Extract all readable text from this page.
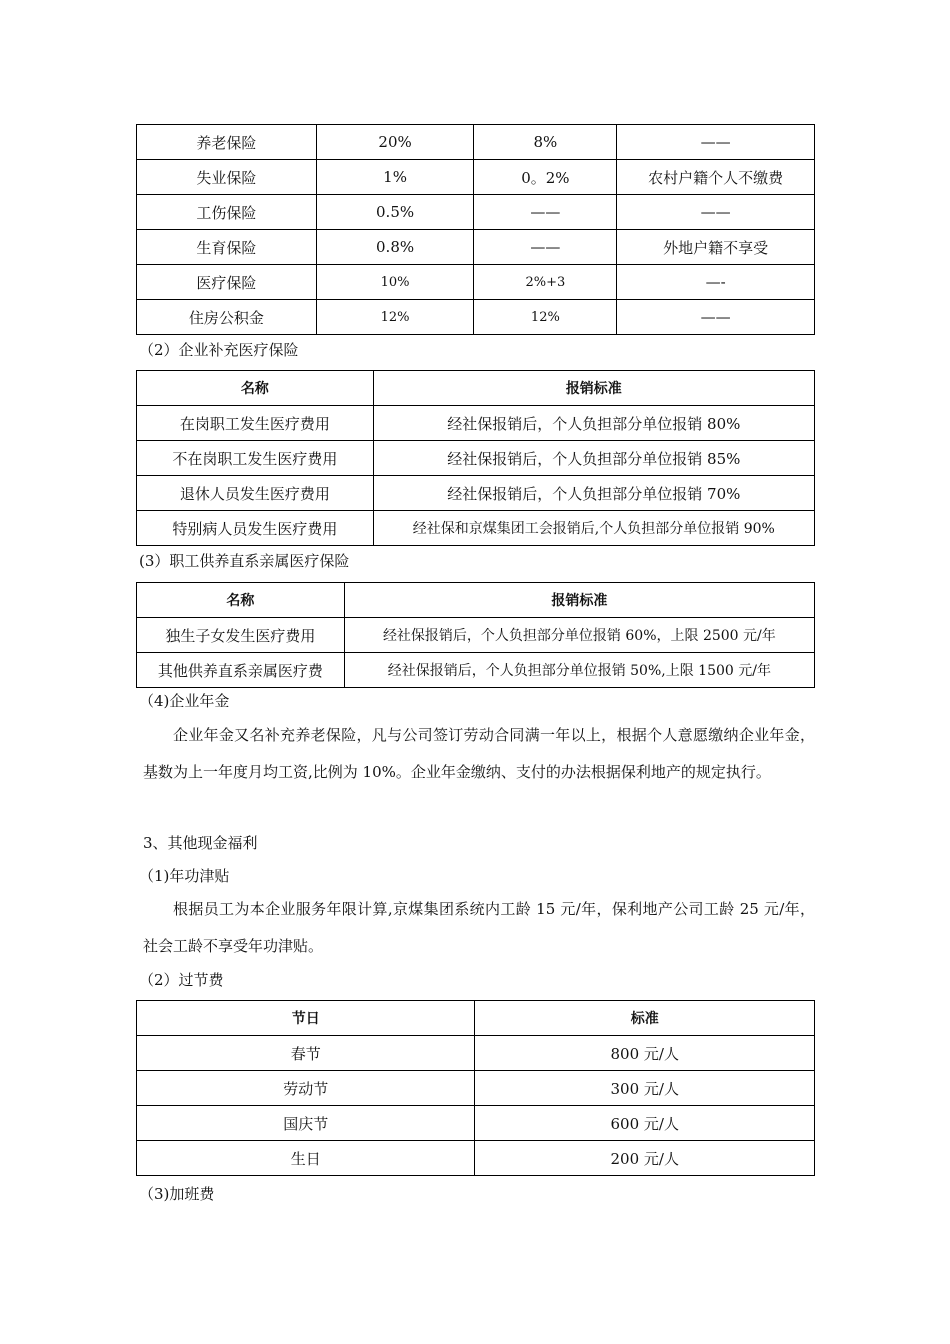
养老保险	20%	8%	——
失业保险	1%	0。2%	农村户籍个人不缴费
工伤保险	0.5%	——	——
生育保险	0.8%	——	外地户籍不享受
医疗保险	10%	2%+3	—-
住房公积金	12%	12%	——
（2）企业补充医疗保险
名称	报销标准
在岗职工发生医疗费用	经社保报销后，个人负担部分单位报销 80%
不在岗职工发生医疗费用	经社保报销后，个人负担部分单位报销 85%
退休人员发生医疗费用	经社保报销后，个人负担部分单位报销 70%
特别病人员发生医疗费用	经社保和京煤集团工会报销后,个人负担部分单位报销 90%
(3）职工供养直系亲属医疗保险
名称	报销标准
独生子女发生医疗费用	经社保报销后，个人负担部分单位报销 60%，上限 2500 元/年
其他供养直系亲属医疗费	经社保报销后，个人负担部分单位报销 50%,上限 1500 元/年
（4)企业年金
企业年金又名补充养老保险，凡与公司签订劳动合同满一年以上，根据个人意愿缴纳企业年金，基数为上一年度月均工资,比例为 10%。企业年金缴纳、支付的办法根据保利地产的规定执行。
3、其他现金福利
（1)年功津贴
根据员工为本企业服务年限计算,京煤集团系统内工龄 15 元/年，保利地产公司工龄 25 元/年，社会工龄不享受年功津贴。
（2）过节费
节日	标准
春节	800 元/人
劳动节	300 元/人
国庆节	600 元/人
生日	200 元/人
（3)加班费
